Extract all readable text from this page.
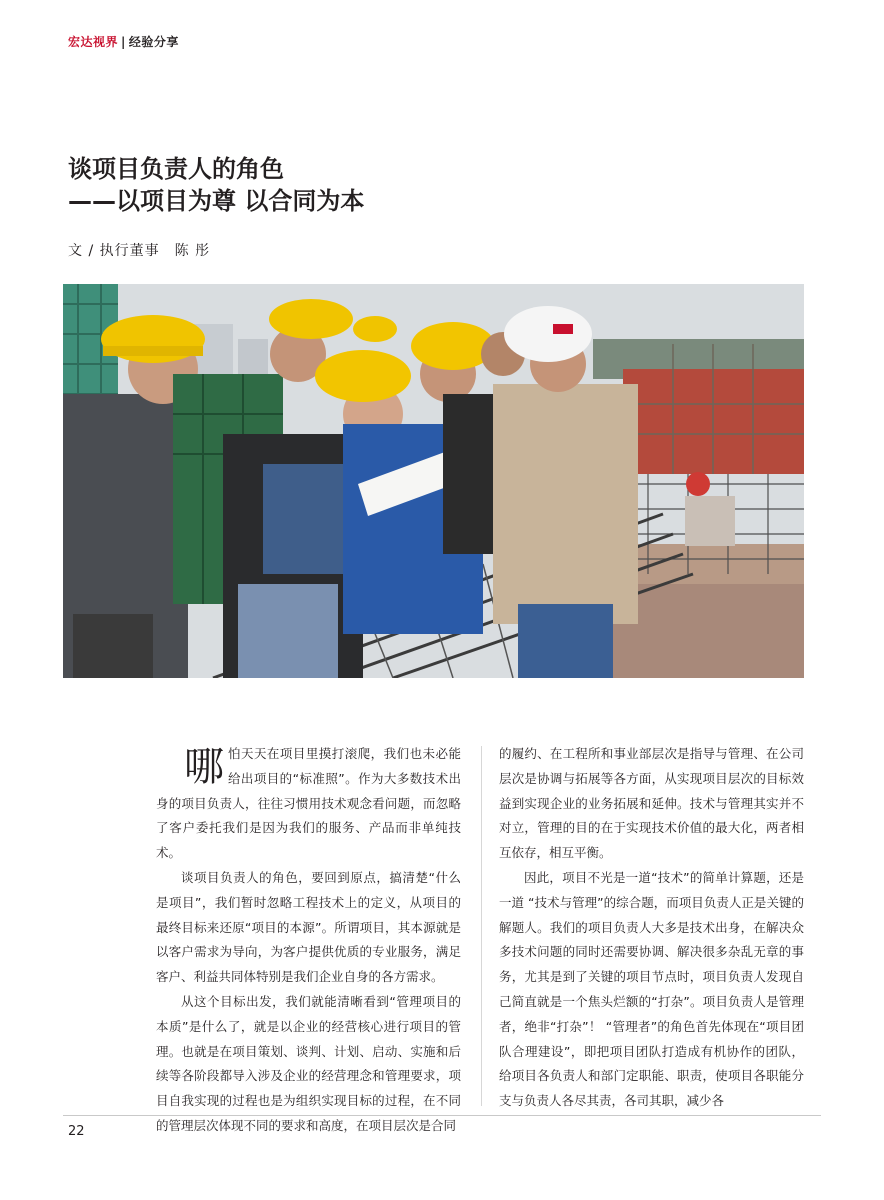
宏达视界 | 经验分享
谈项目负责人的角色
——以项目为尊 以合同为本
文 / 执行董事　陈 彤

哪怕天天在项目里摸打滚爬，我们也未必能给出项目的“标准照”。作为大多数技术出身的项目负责人，往往习惯用技术观念看问题，而忽略了客户委托我们是因为我们的服务、产品而非单纯技术。

谈项目负责人的角色，要回到原点，搞清楚“什么是项目”，我们暂时忽略工程技术上的定义，从项目的最终目标来还原“项目的本源”。所谓项目，其本源就是以客户需求为导向，为客户提供优质的专业服务，满足客户、利益共同体特别是我们企业自身的各方需求。

从这个目标出发，我们就能清晰看到“管理项目的本质”是什么了，就是以企业的经营核心进行项目的管理。也就是在项目策划、谈判、计划、启动、实施和后续等各阶段都导入涉及企业的经营理念和管理要求，项目自我实现的过程也是为组织实现目标的过程，在不同的管理层次体现不同的要求和高度，在项目层次是合同

的履约、在工程所和事业部层次是指导与管理、在公司层次是协调与拓展等各方面，从实现项目层次的目标效益到实现企业的业务拓展和延伸。技术与管理其实并不对立，管理的目的在于实现技术价值的最大化，两者相互依存，相互平衡。

因此，项目不光是一道“技术”的简单计算题，还是一道 “技术与管理”的综合题，而项目负责人正是关键的解题人。我们的项目负责人大多是技术出身，在解决众多技术问题的同时还需要协调、解决很多杂乱无章的事务，尤其是到了关键的项目节点时，项目负责人发现自己简直就是一个焦头烂额的“打杂”。项目负责人是管理者，绝非“打杂”！ “管理者”的角色首先体现在“项目团队合理建设”，即把项目团队打造成有机协作的团队，给项目各负责人和部门定职能、职责，使项目各职能分支与负责人各尽其责，各司其职，减少各

22
